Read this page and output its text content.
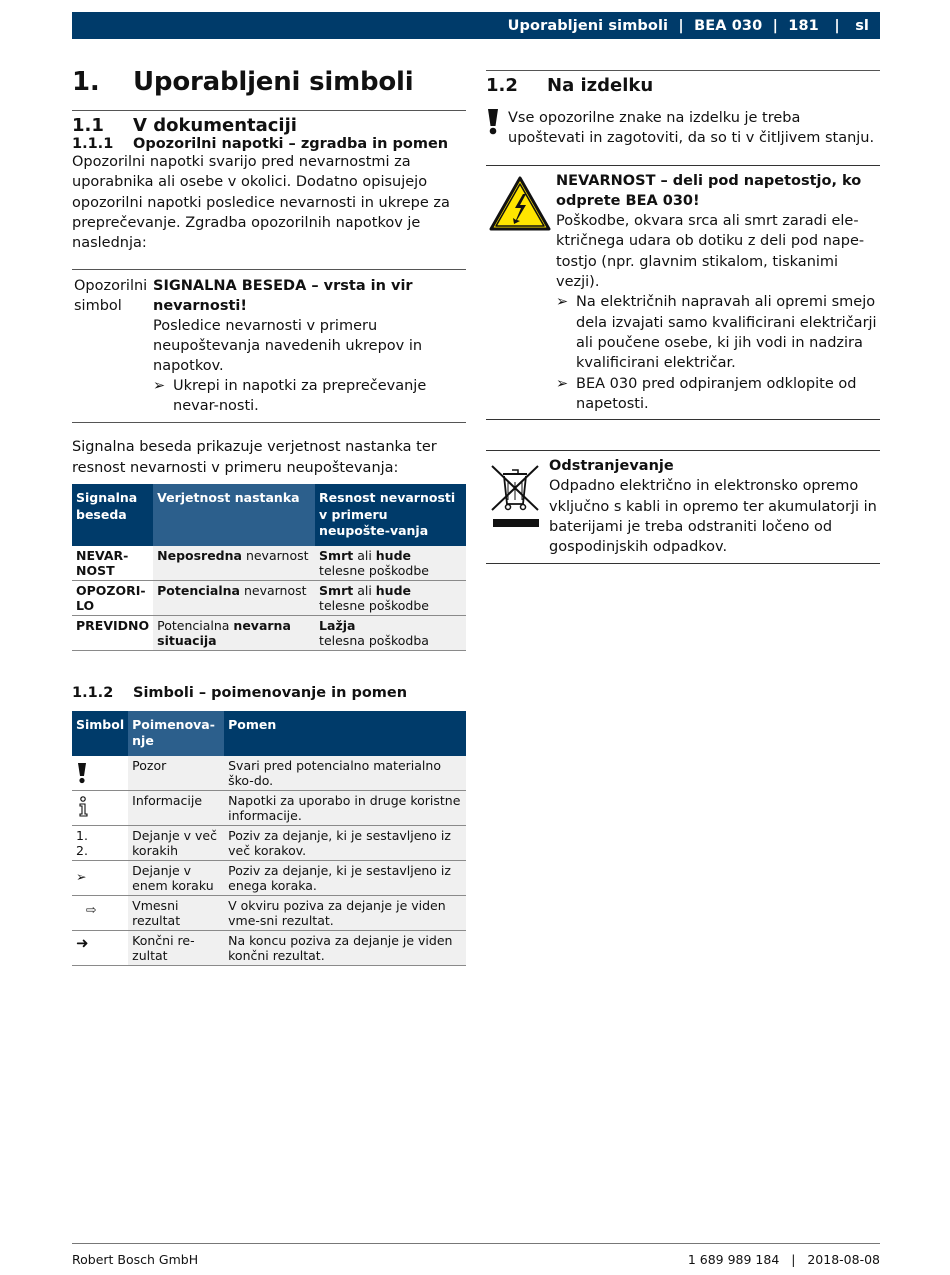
Uporabljeni simboli
|
BEA 030
|
181
|
sl
1.	Uporabljeni simboli
1.1	V dokumentaciji
1.1.1	Opozorilni napotki – zgradba in pomen

Opozorilni napotki svarijo pred nevarnostmi za uporabnika ali osebe v okolici. Dodatno opisujejo opozorilni napotki posledice nevarnosti in ukrepe za preprečevanje. Zgradba opozorilnih napotkov je naslednja:

Opozorilni simbol
SIGNALNA BESEDA – vrsta in vir nevarnosti!
Posledice nevarnosti v primeru neupoštevanja navedenih ukrepov in napotkov.
➢ Ukrepi in napotki za preprečevanje nevar-nosti.

Signalna beseda prikazuje verjetnost nastanka ter resnost nevarnosti v primeru neupoštevanja:

Signalna beseda	Verjetnost nastanka	Resnost nevarnosti v primeru neupošte-vanja
NEVAR-NOST	Neposredna nevarnost	Smrt ali hude
telesne poškodbe
OPOZORI-LO	Potencialna nevarnost	Smrt ali hude
telesne poškodbe
PREVIDNO	Potencialna nevarna situacija	Lažja
telesna poškodba
1.1.2	Simboli – poimenovanje in pomen
Simbol	Poimenova-nje	Pomen
	Pozor	Svari pred potencialno materialno ško-do.
	Informacije	Napotki za uporabo in druge koristne informacije.
1.
2.	Dejanje v več korakih	Poziv za dejanje, ki je sestavljeno iz več korakov.
➢	Dejanje v enem koraku	Poziv za dejanje, ki je sestavljeno iz enega koraka.
⇨	Vmesni rezultat	V okviru poziva za dejanje je viden vme-sni rezultat.
➜	Končni re-zultat	Na koncu poziva za dejanje je viden končni rezultat.
1.2	Na izdelku

Vse opozorilne znake na izdelku je treba upoštevati in zagotoviti, da so ti v čitljivem stanju.

NEVARNOST – deli pod napetostjo, ko odprete BEA 030!
Poškodbe, okvara srca ali smrt zaradi ele-ktričnega udara ob dotiku z deli pod nape-tostjo (npr. glavnim stikalom, tiskanimi vezji).
➢ Na električnih napravah ali opremi smejo dela izvajati samo kvalificirani električarji ali poučene osebe, ki jih vodi in nadzira kvalificirani električar.
➢ BEA 030 pred odpiranjem odklopite od napetosti.
Odstranjevanje
Odpadno električno in elektronsko opremo vključno s kabli in opremo ter akumulatorji in baterijami je treba odstraniti ločeno od gospodinjskih odpadkov.
Robert Bosch GmbH	1 689 989 184 | 2018-08-08
